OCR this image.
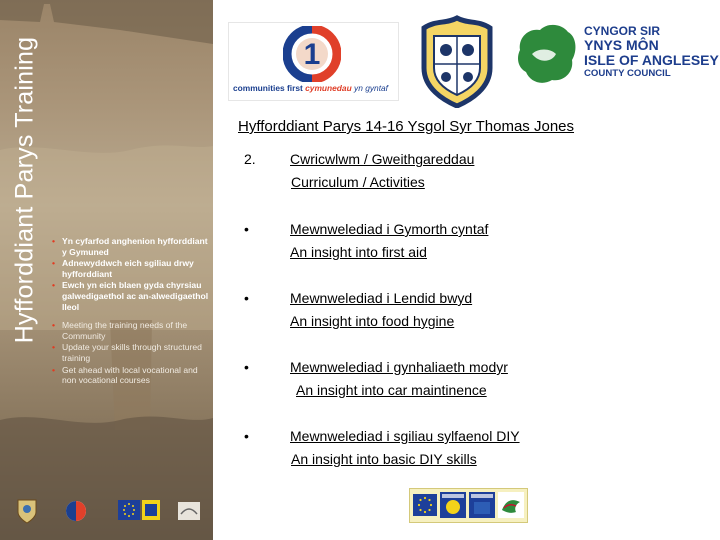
Hyfforddiant Parys Training
•	Yn cyfarfod anghenion hyfforddiant y Gymuned
• Adnewyddwch eich sgiliau drwy hyfforddiant
• Ewch yn eich blaen gyda chyrsiau galwedigaethol ac an-alwedigaethol lleol
• Meeting the training needs of the Community
• Update your skills through structured training
• Get ahead with local vocational and non vocational courses
1
communities first cymunedau yn gyntaf
CYNGOR SIR
YNYS MÔN
ISLE OF ANGLESEY
COUNTY COUNCIL
Hyfforddiant Parys 14-16 Ysgol Syr Thomas Jones
2. Cwricwlwm / Gweithgareddau
Curriculum / Activities
•	Mewnwelediad i Gymorth cyntaf
An insight into first aid
•	Mewnwelediad i Lendid bwyd
An insight into food hygine
•	Mewnwelediad i gynhaliaeth modyr
An insight into car maintinence
•	Mewnwelediad i sgiliau sylfaenol DIY
An insight into basic DIY skills
